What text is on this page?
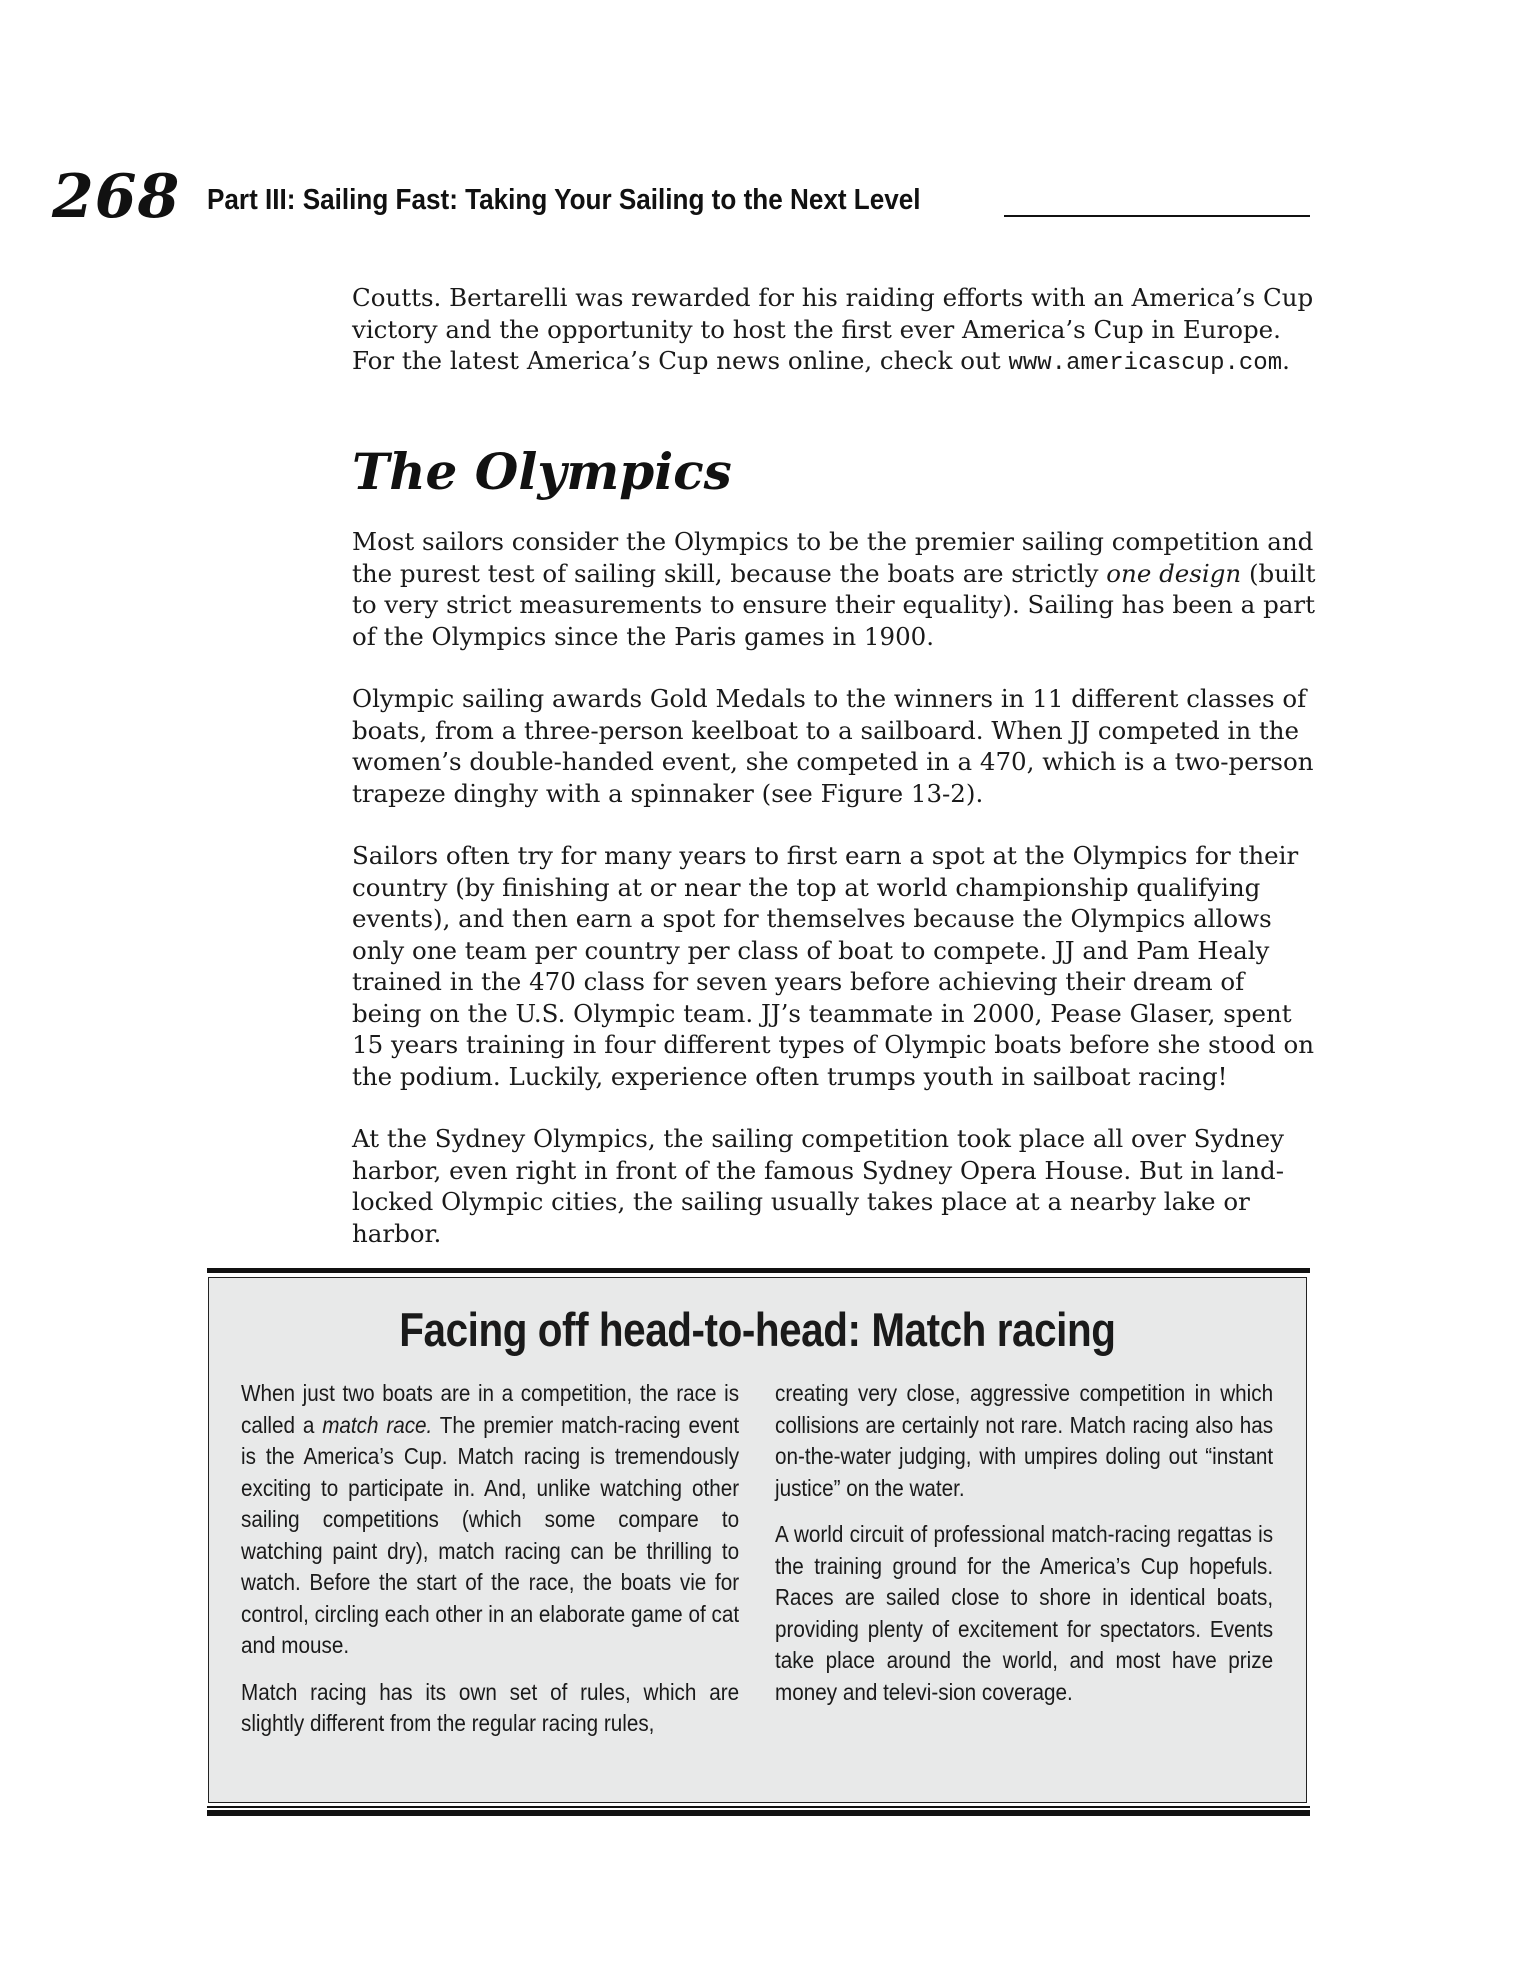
268 Part III: Sailing Fast: Taking Your Sailing to the Next Level

Coutts. Bertarelli was rewarded for his raiding efforts with an America’s Cup victory and the opportunity to host the first ever America’s Cup in Europe. For the latest America’s Cup news online, check out www.americascup.com.

The Olympics

Most sailors consider the Olympics to be the premier sailing competition and the purest test of sailing skill, because the boats are strictly one design (built to very strict measurements to ensure their equality). Sailing has been a part of the Olympics since the Paris games in 1900.

Olympic sailing awards Gold Medals to the winners in 11 different classes of boats, from a three-person keelboat to a sailboard. When JJ competed in the women’s double-handed event, she competed in a 470, which is a two-person trapeze dinghy with a spinnaker (see Figure 13-2).

Sailors often try for many years to first earn a spot at the Olympics for their country (by finishing at or near the top at world championship qualifying events), and then earn a spot for themselves because the Olympics allows only one team per country per class of boat to compete. JJ and Pam Healy trained in the 470 class for seven years before achieving their dream of being on the U.S. Olympic team. JJ’s teammate in 2000, Pease Glaser, spent 15 years training in four different types of Olympic boats before she stood on the podium. Luckily, experience often trumps youth in sailboat racing!

At the Sydney Olympics, the sailing competition took place all over Sydney harbor, even right in front of the famous Sydney Opera House. But in land-locked Olympic cities, the sailing usually takes place at a nearby lake or harbor.

Facing off head-to-head: Match racing

When just two boats are in a competition, the race is called a match race. The premier match-racing event is the America’s Cup. Match racing is tremendously exciting to participate in. And, unlike watching other sailing competitions (which some compare to watching paint dry), match racing can be thrilling to watch. Before the start of the race, the boats vie for control, circling each other in an elaborate game of cat and mouse.

Match racing has its own set of rules, which are slightly different from the regular racing rules,

creating very close, aggressive competition in which collisions are certainly not rare. Match racing also has on-the-water judging, with umpires doling out “instant justice” on the water.

A world circuit of professional match-racing regattas is the training ground for the America’s Cup hopefuls. Races are sailed close to shore in identical boats, providing plenty of excitement for spectators. Events take place around the world, and most have prize money and televi-sion coverage.
